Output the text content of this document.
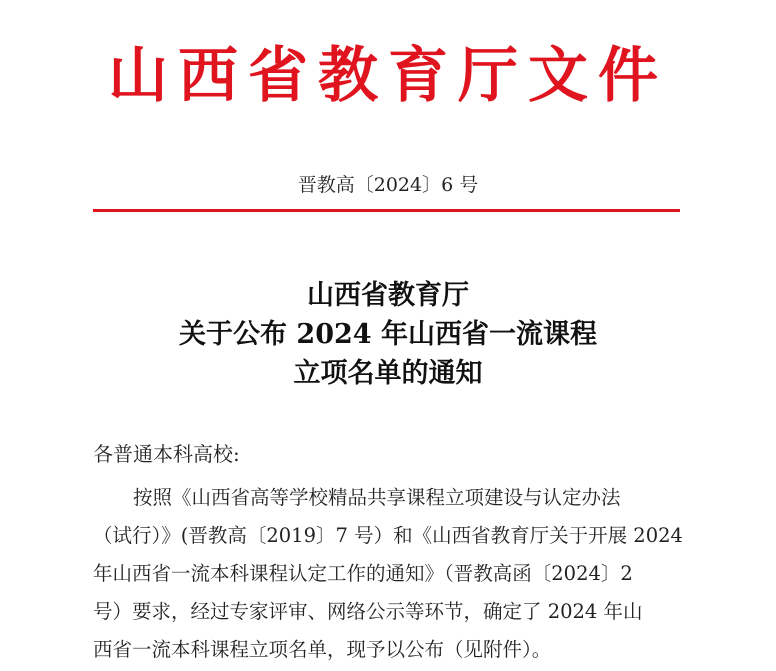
山西省教育厅文件
晋教高〔2024〕6 号
山西省教育厅
关于公布 2024 年山西省一流课程
立项名单的通知
各普通本科高校:
按照《山西省高等学校精品共享课程立项建设与认定办法
（试行）》(晋教高〔2019〕7 号）和《山西省教育厅关于开展 2024
年山西省一流本科课程认定工作的通知》（晋教高函〔2024〕2
号）要求，经过专家评审、网络公示等环节，确定了 2024 年山
西省一流本科课程立项名单，现予以公布（见附件）。
